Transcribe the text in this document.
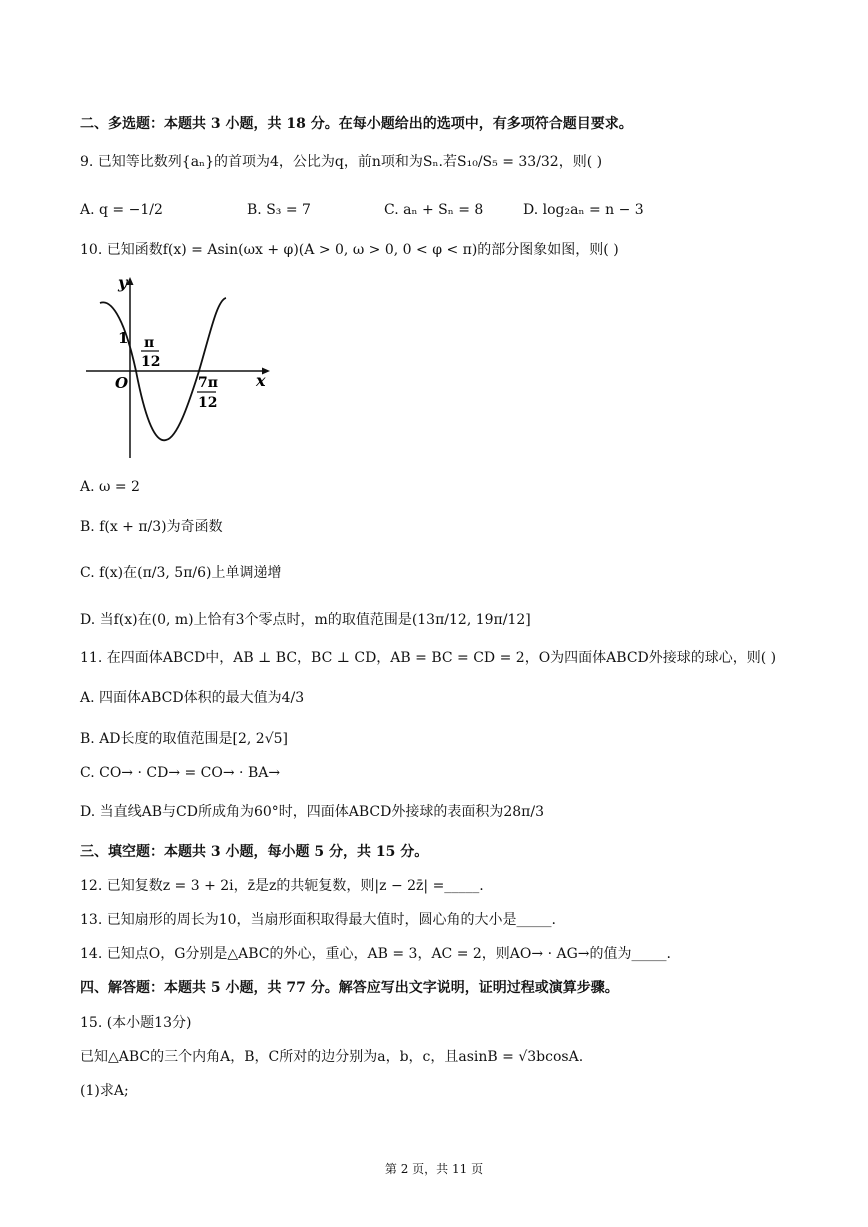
二、多选题：本题共 3 小题，共 18 分。在每小题给出的选项中，有多项符合题目要求。
9. 已知等比数列{aₙ}的首项为4，公比为q，前n项和为Sₙ.若S₁₀/S₅ = 33/32，则( )
A. q = −1/2	B. S₃ = 7	C. aₙ + Sₙ = 8	D. log₂aₙ = n − 3
10. 已知函数f(x) = Asin(ωx + φ)(A > 0, ω > 0, 0 < φ < π)的部分图象如图，则( )
y
x
O
1 π
12
7π
12
A. ω = 2
B. f(x + π/3)为奇函数
C. f(x)在(π/3, 5π/6)上单调递增
D. 当f(x)在(0, m)上恰有3个零点时，m的取值范围是(13π/12, 19π/12]
11. 在四面体ABCD中，AB ⊥ BC，BC ⊥ CD，AB = BC = CD = 2，O为四面体ABCD外接球的球心，则( )
A. 四面体ABCD体积的最大值为4/3
B. AD长度的取值范围是[2, 2√5]
C. CO→ · CD→ = CO→ · BA→
D. 当直线AB与CD所成角为60°时，四面体ABCD外接球的表面积为28π/3
三、填空题：本题共 3 小题，每小题 5 分，共 15 分。
12. 已知复数z = 3 + 2i，z̄是z的共轭复数，则|z − 2z̄| =_____.
13. 已知扇形的周长为10，当扇形面积取得最大值时，圆心角的大小是_____.
14. 已知点O，G分别是△ABC的外心，重心，AB = 3，AC = 2，则AO→ · AG→的值为_____.
四、解答题：本题共 5 小题，共 77 分。解答应写出文字说明，证明过程或演算步骤。
15. (本小题13分)
已知△ABC的三个内角A，B，C所对的边分别为a，b，c，且asinB = √3bcosA.
(1)求A;
第 2 页，共 11 页
